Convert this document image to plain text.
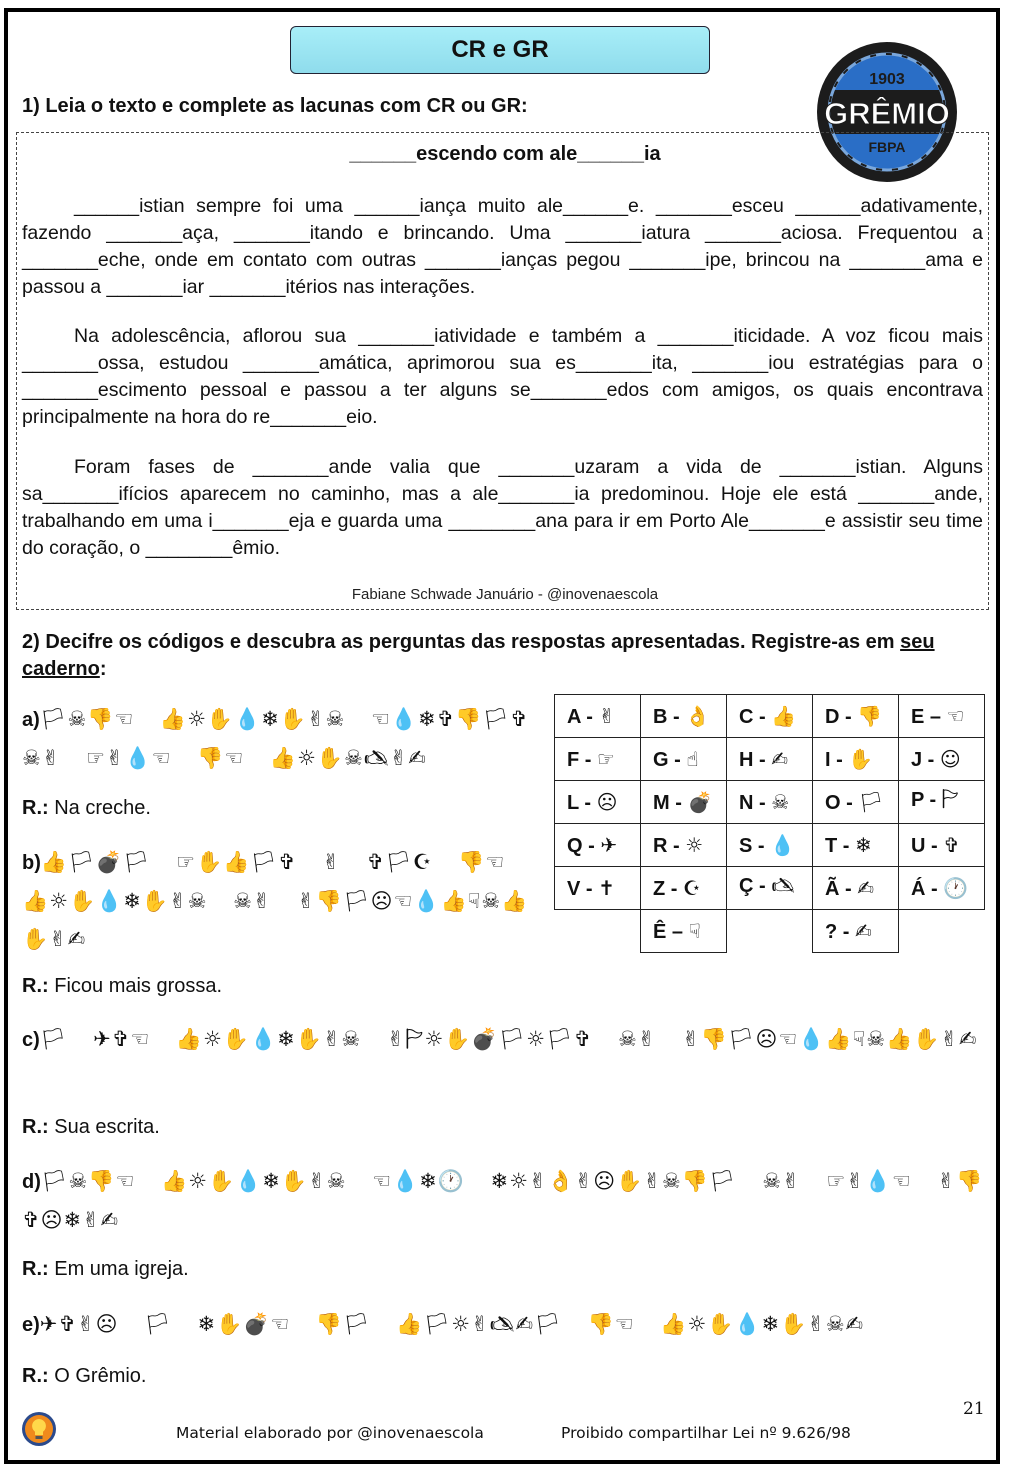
CR e GR
1903
GRÊMIO
FBPA
1) Leia o texto e complete as lacunas com CR ou GR:
______escendo com ale______ia

______istian sempre foi uma ______iança muito ale______e. _______esceu ______adativamente, fazendo _______aça, _______itando e brincando. Uma _______iatura _______aciosa. Frequentou a _______eche, onde em contato com outras _______ianças pegou _______ipe, brincou na _______ama e passou a _______iar _______itérios nas interações.

Na adolescência, aflorou sua _______iatividade e também a _______iticidade. A voz ficou mais _______ossa, estudou _______amática, aprimorou sua es_______ita, _______iou estratégias para o _______escimento pessoal e passou a ter alguns se_______edos com amigos, os quais encontrava principalmente na hora do re_______eio.

Foram fases de _______ande valia que _______uzaram a vida de _______istian. Alguns sa_______ifícios aparecem no caminho, mas a ale_______ia predominou. Hoje ele está _______ande, trabalhando em uma i_______eja e guarda uma ________ana para ir em Porto Ale_______e assistir seu time do coração, o ________êmio.

Fabiane Schwade Januário - @inovenaescola
2) Decifre os códigos e descubra as perguntas das respostas apresentadas. Registre-as em seu caderno:
A - ✌	B - 👌	C - 👍	D - 👎	E – ☜
F - ☞	G - ☝	H - ✍	I - ✋	J - ☺
L - ☹	M - 💣	N - ☠	O - 🏳	P - 🏱
Q - ✈	R - ☼	S - 💧	T - ❄	U - ✞
V - ✝	Z - ☪	Ç - 🖎	Ã - ✍	Á - 🕐
	Ê – ☟		? - ✍	

a)🏳☠👎☜ 👍☼✋💧❄✋✌☠ ☜💧❄✞👎🏳✞ ☠✌ ☞✌💧☜ 👎☜ 👍☼✋☠🖎✌✍

R.: Na creche.

b)👍🏳💣🏳 ☞✋👍🏳✞ ✌ ✞🏳☪ 👎☜ 👍☼✋💧❄✋✌☠ ☠✌ ✌👎🏳☹☜💧👍☟☠👍✋✌✍

R.: Ficou mais grossa.

c)🏳 ✈✞☜ 👍☼✋💧❄✋✌☠ ✌🏱☼✋💣🏳☼🏳✞ ☠✌ ✌👎🏳☹☜💧👍☟☠👍✋✌✍

R.: Sua escrita.

d)🏳☠👎☜ 👍☼✋💧❄✋✌☠ ☜💧❄🕐 ❄☼✌👌✌☹✋✌☠👎🏳 ☠✌ ☞✌💧☜ ✌👎✞☹❄✌✍

R.: Em uma igreja.

e)✈✞✌☹ 🏳 ❄✋💣☜ 👎🏳 👍🏳☼✌🖎✍🏳 👎☜ 👍☼✋💧❄✋✌☠✍

R.: O Grêmio.
21
Material elaborado por @inovenaescola	Proibido compartilhar Lei nº 9.626/98
